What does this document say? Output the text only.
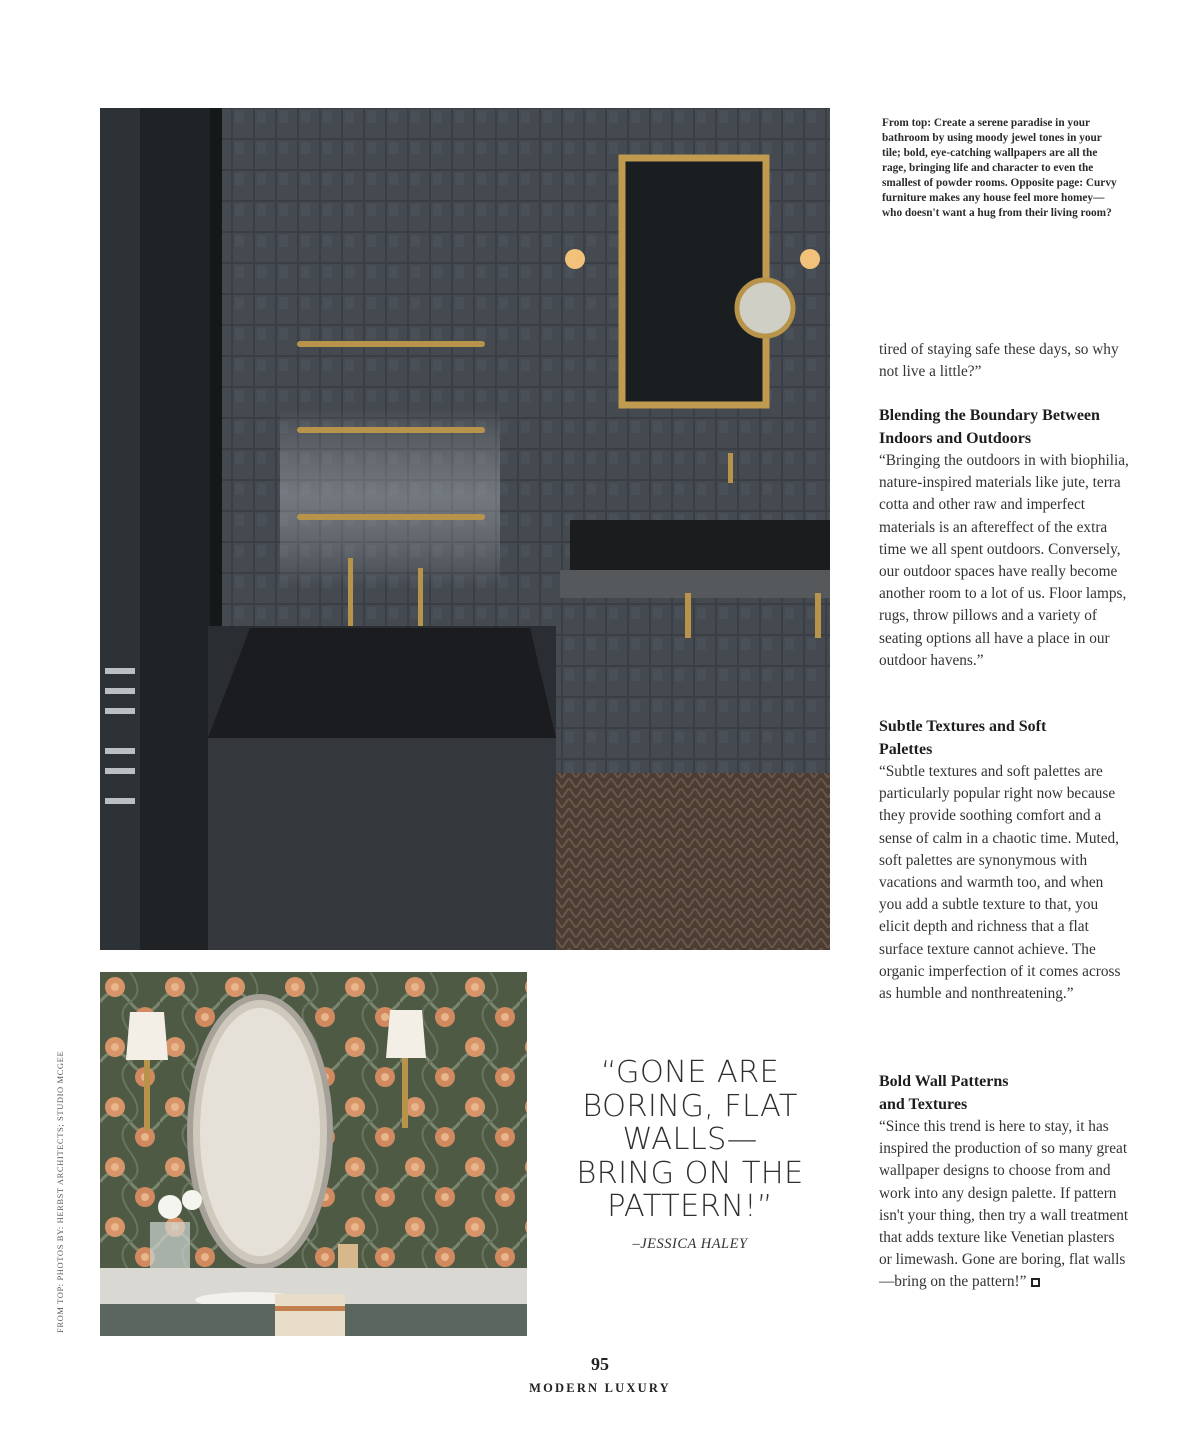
From top: Create a serene paradise in your bathroom by using moody jewel tones in your tile; bold, eye-catching wallpapers are all the rage, bringing life and character to even the smallest of powder rooms. Opposite page: Curvy furniture makes any house feel more homey—who doesn't want a hug from their living room?
FROM TOP: PHOTOS BY: HERBST ARCHITECTS; STUDIO MCGEE

tired of staying safe these days, so why not live a little?”

Blending the Boundary Between Indoors and Outdoors

“Bringing the outdoors in with biophilia, nature-inspired materials like jute, terra cotta and other raw and imperfect materials is an aftereffect of the extra time we all spent outdoors. Conversely, our outdoor spaces have really become another room to a lot of us. Floor lamps, rugs, throw pillows and a variety of seating options all have a place in our outdoor havens.”

Subtle Textures and Soft Palettes

“Subtle textures and soft palettes are particularly popular right now because they provide soothing comfort and a sense of calm in a chaotic time. Muted, soft palettes are synonymous with vacations and warmth too, and when you add a subtle texture to that, you elicit depth and richness that a flat surface texture cannot achieve. The organic imperfection of it comes across as humble and nonthreatening.”

Bold Wall Patterns and Textures

“Since this trend is here to stay, it has inspired the production of so many great wallpaper designs to choose from and work into any design palette. If pattern isn't your thing, then try a wall treatment that adds texture like Venetian plasters or limewash. Gone are boring, flat walls—bring on the pattern!”

“GONE ARE
BORING, FLAT
WALLS—
BRING ON THE
PATTERN!”
–JESSICA HALEY
95
MODERN LUXURY
